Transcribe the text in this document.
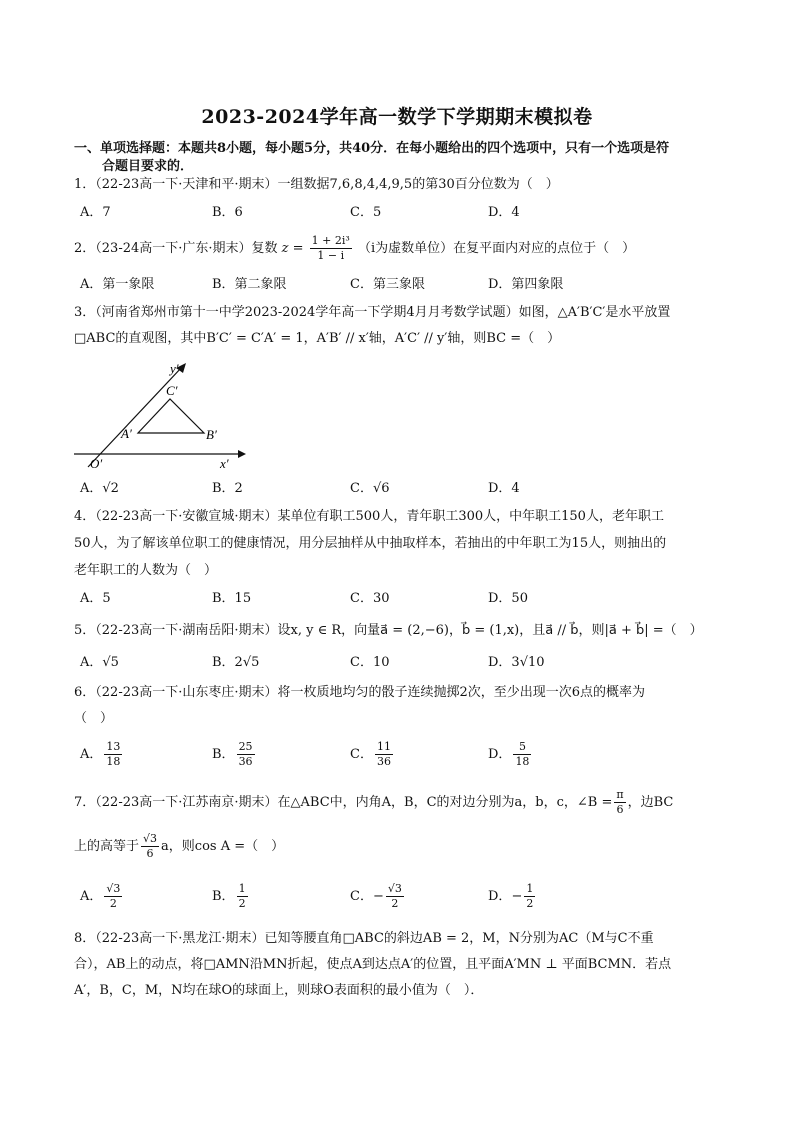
2023-2024学年高一数学下学期期末模拟卷
一、单项选择题：本题共8小题，每小题5分，共40分．在每小题给出的四个选项中，只有一个选项是符
合题目要求的．
1．（22-23高一下·天津和平·期末）一组数据7,6,8,4,4,9,5的第30百分位数为（　）
A．7	B．6	C．5	D．4
2．（23-24高一下·广东·期末）复数 $z = \frac{\text{1 + 2i³}}{1 - i} (i$为虚数单位）在复平面内对应的点位于（　）
A．第一象限	B．第二象限	C．第三象限	D．第四象限
3．（河南省郑州市第十一中学2023-2024学年高一下学期4月月考数学试题）如图，△A′B′C′是水平放置
□ABC的直观图，其中B′C′ = C′A′ = 1，A′B′ // x′轴，A′C′ // y′轴，则BC =（　）
y′
C′
A′	B′
O′	x′
A．√2	B．2	C．√6	D．4
4．（22-23高一下·安徽宣城·期末）某单位有职工500人，青年职工300人，中年职工150人，老年职工
50人，为了解该单位职工的健康情况，用分层抽样从中抽取样本，若抽出的中年职工为15人，则抽出的
老年职工的人数为（　）
A．5	B．15	C．30	D．50
5．（22-23高一下·湖南岳阳·期末）设x, y ∈ R，向量a⃗ = (2,−6)，b⃗ = (1,x)，且a⃗ // b⃗，则|a⃗ + b⃗| =（　）
A．√5	B．2√5	C．10	D．3√10
6．（22-23高一下·山东枣庄·期末）将一枚质地均匀的骰子连续抛掷2次，至少出现一次6点的概率为
（　）
A． $\frac{13}{18}$	B． $\frac{25}{36}$	C． $\frac{11}{36}$	D． $\frac{5}{18}$
7．（22-23高一下·江苏南京·期末）在△ABC中，内角A，B，C的对边分别为a，b，c，∠B = $\frac{\pi}{6}$ ，边BC
上的高等于 $\frac{√3}{6}$ a，则cos A =（　）
A． $\frac{√3}{2}$	B． $\frac{1}{2}$	C．− $\frac{√3}{2}$	D．− $\frac{1}{2}$
8．（22-23高一下·黑龙江·期末）已知等腰直角□ABC的斜边AB = 2，M，N分别为AC（M与C不重
合），AB上的动点，将□AMN沿MN折起，使点A到达点A′的位置，且平面A′MN ⊥ 平面BCMN．若点
A′，B，C，M，N均在球O的球面上，则球O表面积的最小值为（　）．
